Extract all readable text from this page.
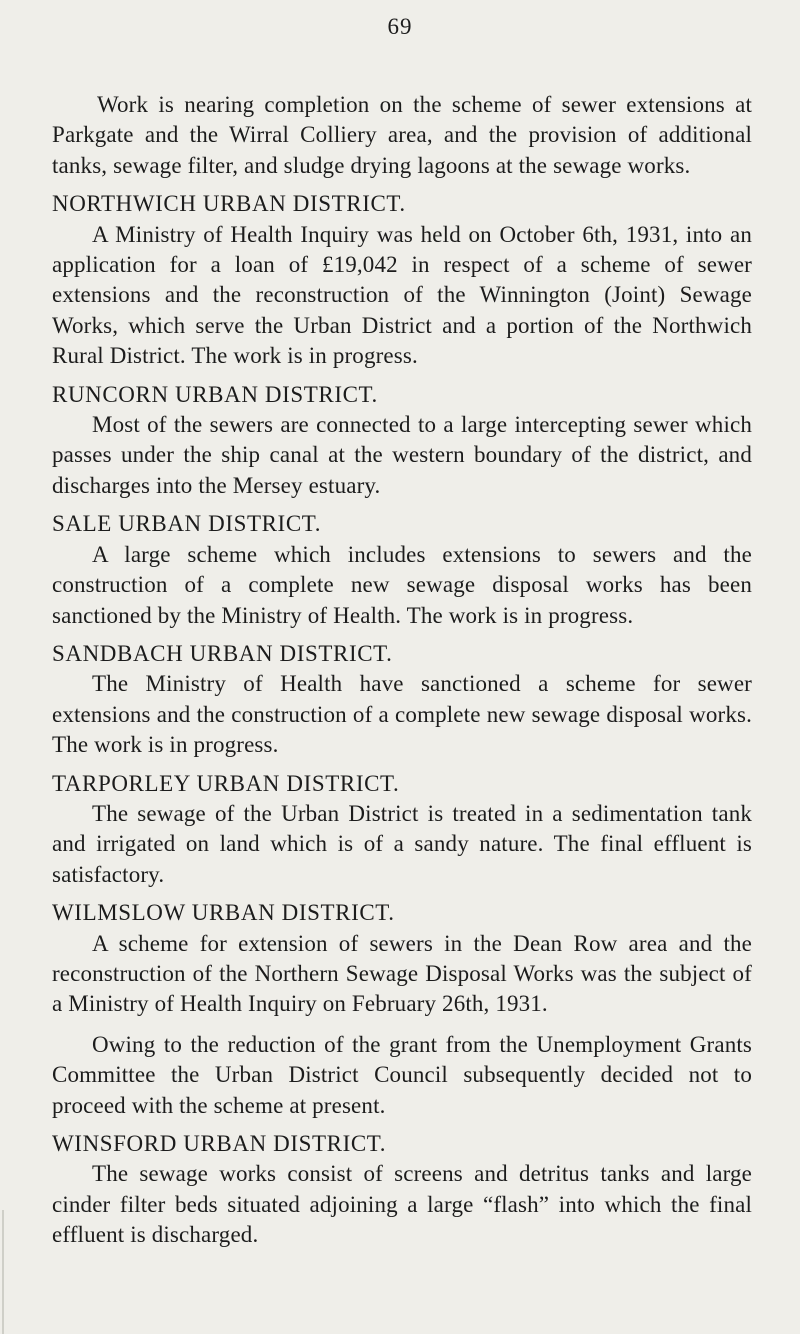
69

Work is nearing completion on the scheme of sewer extensions at Parkgate and the Wirral Colliery area, and the provision of additional tanks, sewage filter, and sludge drying lagoons at the sewage works.

NORTHWICH URBAN DISTRICT.

A Ministry of Health Inquiry was held on October 6th, 1931, into an application for a loan of £19,042 in respect of a scheme of sewer extensions and the reconstruction of the Winnington (Joint) Sewage Works, which serve the Urban District and a portion of the Northwich Rural District. The work is in progress.

RUNCORN URBAN DISTRICT.

Most of the sewers are connected to a large intercepting sewer which passes under the ship canal at the western boundary of the district, and discharges into the Mersey estuary.

SALE URBAN DISTRICT.

A large scheme which includes extensions to sewers and the construction of a complete new sewage disposal works has been sanctioned by the Ministry of Health. The work is in progress.

SANDBACH URBAN DISTRICT.

The Ministry of Health have sanctioned a scheme for sewer extensions and the construction of a complete new sewage disposal works. The work is in progress.

TARPORLEY URBAN DISTRICT.

The sewage of the Urban District is treated in a sedimentation tank and irrigated on land which is of a sandy nature. The final effluent is satisfactory.

WILMSLOW URBAN DISTRICT.

A scheme for extension of sewers in the Dean Row area and the reconstruction of the Northern Sewage Disposal Works was the subject of a Ministry of Health Inquiry on February 26th, 1931.

Owing to the reduction of the grant from the Unemployment Grants Committee the Urban District Council subsequently decided not to proceed with the scheme at present.

WINSFORD URBAN DISTRICT.

The sewage works consist of screens and detritus tanks and large cinder filter beds situated adjoining a large “flash” into which the final effluent is discharged.
